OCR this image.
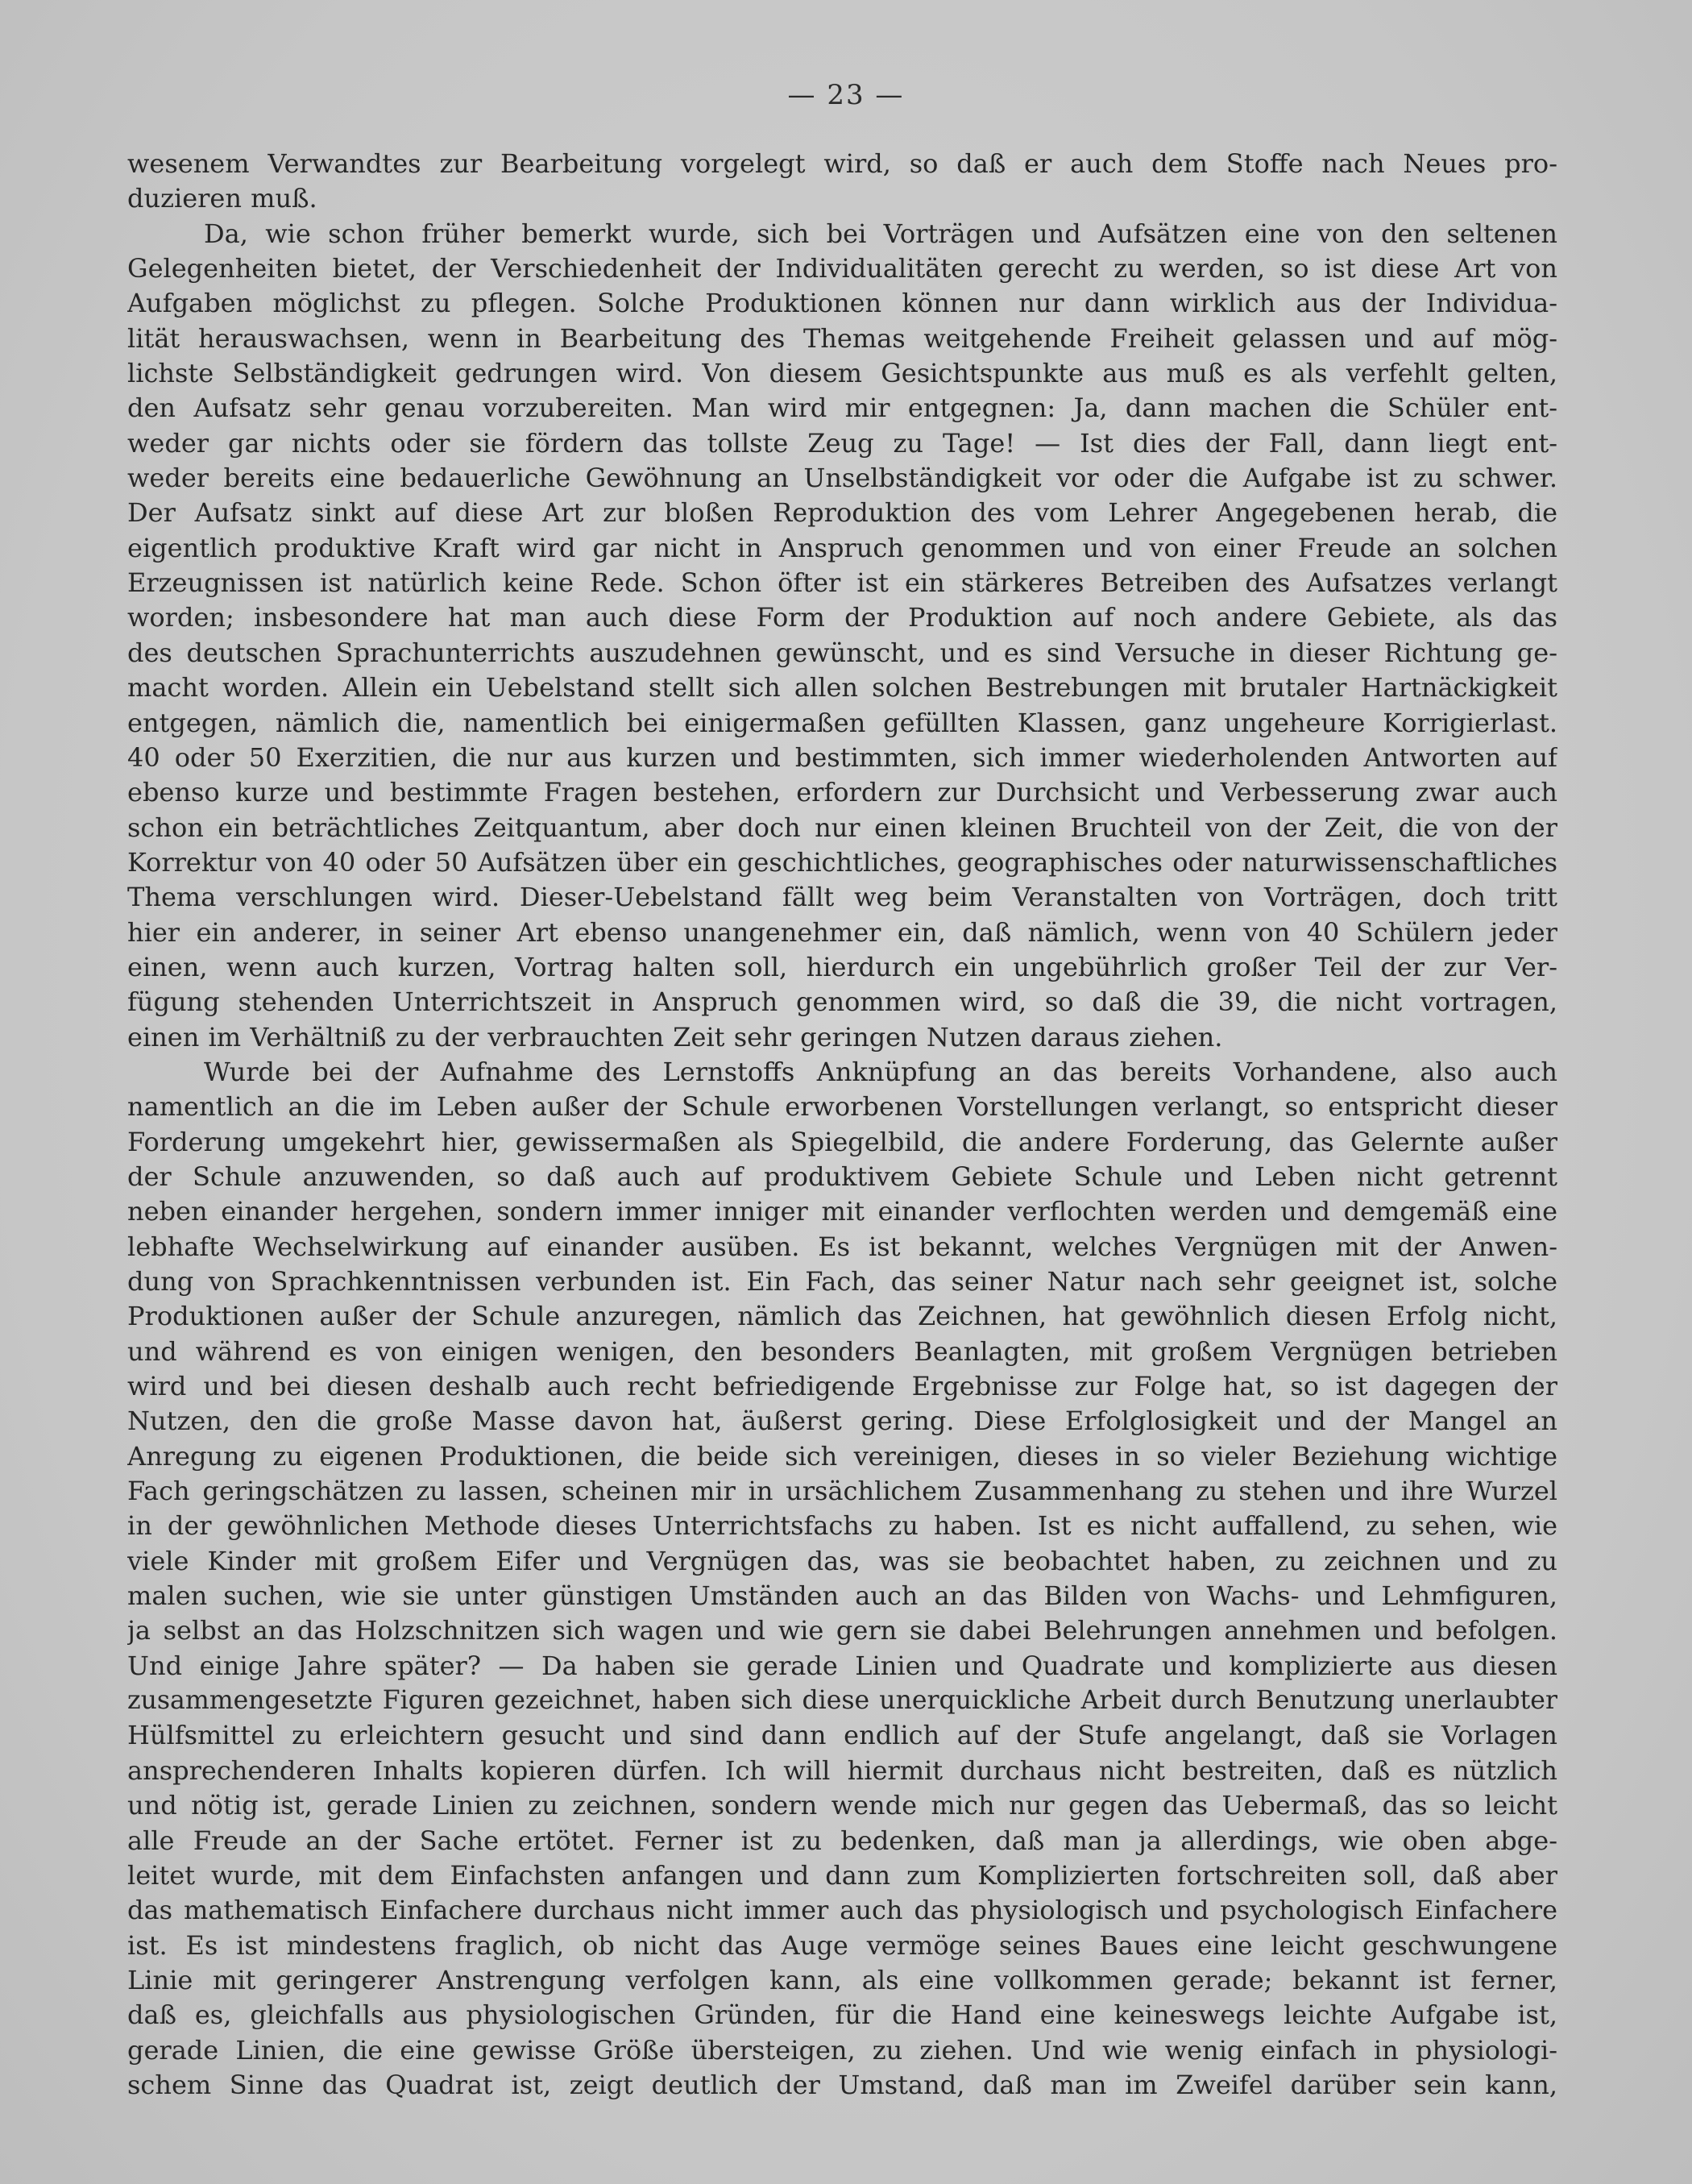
— 23 —

wesenem Verwandtes zur Bearbeitung vorgelegt wird, so daß er auch dem Stoffe nach Neues pro-
duzieren muß.

Da, wie schon früher bemerkt wurde, sich bei Vorträgen und Aufsätzen eine von den seltenen
Gelegenheiten bietet, der Verschiedenheit der Individualitäten gerecht zu werden, so ist diese Art von
Aufgaben möglichst zu pflegen. Solche Produktionen können nur dann wirklich aus der Individua-
lität herauswachsen, wenn in Bearbeitung des Themas weitgehende Freiheit gelassen und auf mög-
lichste Selbständigkeit gedrungen wird. Von diesem Gesichtspunkte aus muß es als verfehlt gelten,
den Aufsatz sehr genau vorzubereiten. Man wird mir entgegnen: Ja, dann machen die Schüler ent-
weder gar nichts oder sie fördern das tollste Zeug zu Tage! — Ist dies der Fall, dann liegt ent-
weder bereits eine bedauerliche Gewöhnung an Unselbständigkeit vor oder die Aufgabe ist zu schwer.
Der Aufsatz sinkt auf diese Art zur bloßen Reproduktion des vom Lehrer Angegebenen herab, die
eigentlich produktive Kraft wird gar nicht in Anspruch genommen und von einer Freude an solchen
Erzeugnissen ist natürlich keine Rede. Schon öfter ist ein stärkeres Betreiben des Aufsatzes verlangt
worden; insbesondere hat man auch diese Form der Produktion auf noch andere Gebiete, als das
des deutschen Sprachunterrichts auszudehnen gewünscht, und es sind Versuche in dieser Richtung ge-
macht worden. Allein ein Uebelstand stellt sich allen solchen Bestrebungen mit brutaler Hartnäckigkeit
entgegen, nämlich die, namentlich bei einigermaßen gefüllten Klassen, ganz ungeheure Korrigierlast.
40 oder 50 Exerzitien, die nur aus kurzen und bestimmten, sich immer wiederholenden Antworten auf
ebenso kurze und bestimmte Fragen bestehen, erfordern zur Durchsicht und Verbesserung zwar auch
schon ein beträchtliches Zeitquantum, aber doch nur einen kleinen Bruchteil von der Zeit, die von der
Korrektur von 40 oder 50 Aufsätzen über ein geschichtliches, geographisches oder naturwissenschaftliches
Thema verschlungen wird. Dieser-Uebelstand fällt weg beim Veranstalten von Vorträgen, doch tritt
hier ein anderer, in seiner Art ebenso unangenehmer ein, daß nämlich, wenn von 40 Schülern jeder
einen, wenn auch kurzen, Vortrag halten soll, hierdurch ein ungebührlich großer Teil der zur Ver-
fügung stehenden Unterrichtszeit in Anspruch genommen wird, so daß die 39, die nicht vortragen,
einen im Verhältniß zu der verbrauchten Zeit sehr geringen Nutzen daraus ziehen.

Wurde bei der Aufnahme des Lernstoffs Anknüpfung an das bereits Vorhandene, also auch
namentlich an die im Leben außer der Schule erworbenen Vorstellungen verlangt, so entspricht dieser
Forderung umgekehrt hier, gewissermaßen als Spiegelbild, die andere Forderung, das Gelernte außer
der Schule anzuwenden, so daß auch auf produktivem Gebiete Schule und Leben nicht getrennt
neben einander hergehen, sondern immer inniger mit einander verflochten werden und demgemäß eine
lebhafte Wechselwirkung auf einander ausüben. Es ist bekannt, welches Vergnügen mit der Anwen-
dung von Sprachkenntnissen verbunden ist. Ein Fach, das seiner Natur nach sehr geeignet ist, solche
Produktionen außer der Schule anzuregen, nämlich das Zeichnen, hat gewöhnlich diesen Erfolg nicht,
und während es von einigen wenigen, den besonders Beanlagten, mit großem Vergnügen betrieben
wird und bei diesen deshalb auch recht befriedigende Ergebnisse zur Folge hat, so ist dagegen der
Nutzen, den die große Masse davon hat, äußerst gering. Diese Erfolglosigkeit und der Mangel an
Anregung zu eigenen Produktionen, die beide sich vereinigen, dieses in so vieler Beziehung wichtige
Fach geringschätzen zu lassen, scheinen mir in ursächlichem Zusammenhang zu stehen und ihre Wurzel
in der gewöhnlichen Methode dieses Unterrichtsfachs zu haben. Ist es nicht auffallend, zu sehen, wie
viele Kinder mit großem Eifer und Vergnügen das, was sie beobachtet haben, zu zeichnen und zu
malen suchen, wie sie unter günstigen Umständen auch an das Bilden von Wachs- und Lehmfiguren,
ja selbst an das Holzschnitzen sich wagen und wie gern sie dabei Belehrungen annehmen und befolgen.
Und einige Jahre später? — Da haben sie gerade Linien und Quadrate und komplizierte aus diesen
zusammengesetzte Figuren gezeichnet, haben sich diese unerquickliche Arbeit durch Benutzung unerlaubter
Hülfsmittel zu erleichtern gesucht und sind dann endlich auf der Stufe angelangt, daß sie Vorlagen
ansprechenderen Inhalts kopieren dürfen. Ich will hiermit durchaus nicht bestreiten, daß es nützlich
und nötig ist, gerade Linien zu zeichnen, sondern wende mich nur gegen das Uebermaß, das so leicht
alle Freude an der Sache ertötet. Ferner ist zu bedenken, daß man ja allerdings, wie oben abge-
leitet wurde, mit dem Einfachsten anfangen und dann zum Komplizierten fortschreiten soll, daß aber
das mathematisch Einfachere durchaus nicht immer auch das physiologisch und psychologisch Einfachere
ist. Es ist mindestens fraglich, ob nicht das Auge vermöge seines Baues eine leicht geschwungene
Linie mit geringerer Anstrengung verfolgen kann, als eine vollkommen gerade; bekannt ist ferner,
daß es, gleichfalls aus physiologischen Gründen, für die Hand eine keineswegs leichte Aufgabe ist,
gerade Linien, die eine gewisse Größe übersteigen, zu ziehen. Und wie wenig einfach in physiologi-
schem Sinne das Quadrat ist, zeigt deutlich der Umstand, daß man im Zweifel darüber sein kann,
